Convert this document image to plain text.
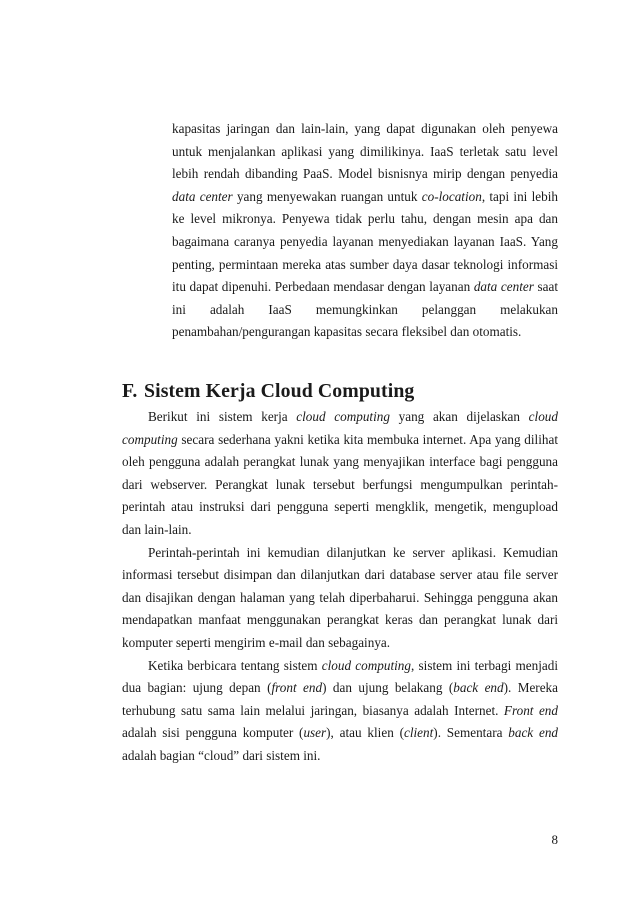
kapasitas jaringan dan lain-lain, yang dapat digunakan oleh penyewa untuk menjalankan aplikasi yang dimilikinya. IaaS terletak satu level lebih rendah dibanding PaaS. Model bisnisnya mirip dengan penyedia data center yang menyewakan ruangan untuk co-location, tapi ini lebih ke level mikronya. Penyewa tidak perlu tahu, dengan mesin apa dan bagaimana caranya penyedia layanan menyediakan layanan IaaS. Yang penting, permintaan mereka atas sumber daya dasar teknologi informasi itu dapat dipenuhi. Perbedaan mendasar dengan layanan data center saat ini adalah IaaS memungkinkan pelanggan melakukan penambahan/pengurangan kapasitas secara fleksibel dan otomatis.

F. Sistem Kerja Cloud Computing

Berikut ini sistem kerja cloud computing yang akan dijelaskan cloud computing secara sederhana yakni ketika kita membuka internet. Apa yang dilihat oleh pengguna adalah perangkat lunak yang menyajikan interface bagi pengguna dari webserver. Perangkat lunak tersebut berfungsi mengumpulkan perintah-perintah atau instruksi dari pengguna seperti mengklik, mengetik, mengupload dan lain-lain.

Perintah-perintah ini kemudian dilanjutkan ke server aplikasi. Kemudian informasi tersebut disimpan dan dilanjutkan dari database server atau file server dan disajikan dengan halaman yang telah diperbaharui. Sehingga pengguna akan mendapatkan manfaat menggunakan perangkat keras dan perangkat lunak dari komputer seperti mengirim e-mail dan sebagainya.

Ketika berbicara tentang sistem cloud computing, sistem ini terbagi menjadi dua bagian: ujung depan (front end) dan ujung belakang (back end). Mereka terhubung satu sama lain melalui jaringan, biasanya adalah Internet. Front end adalah sisi pengguna komputer (user), atau klien (client). Sementara back end adalah bagian “cloud” dari sistem ini.

8
